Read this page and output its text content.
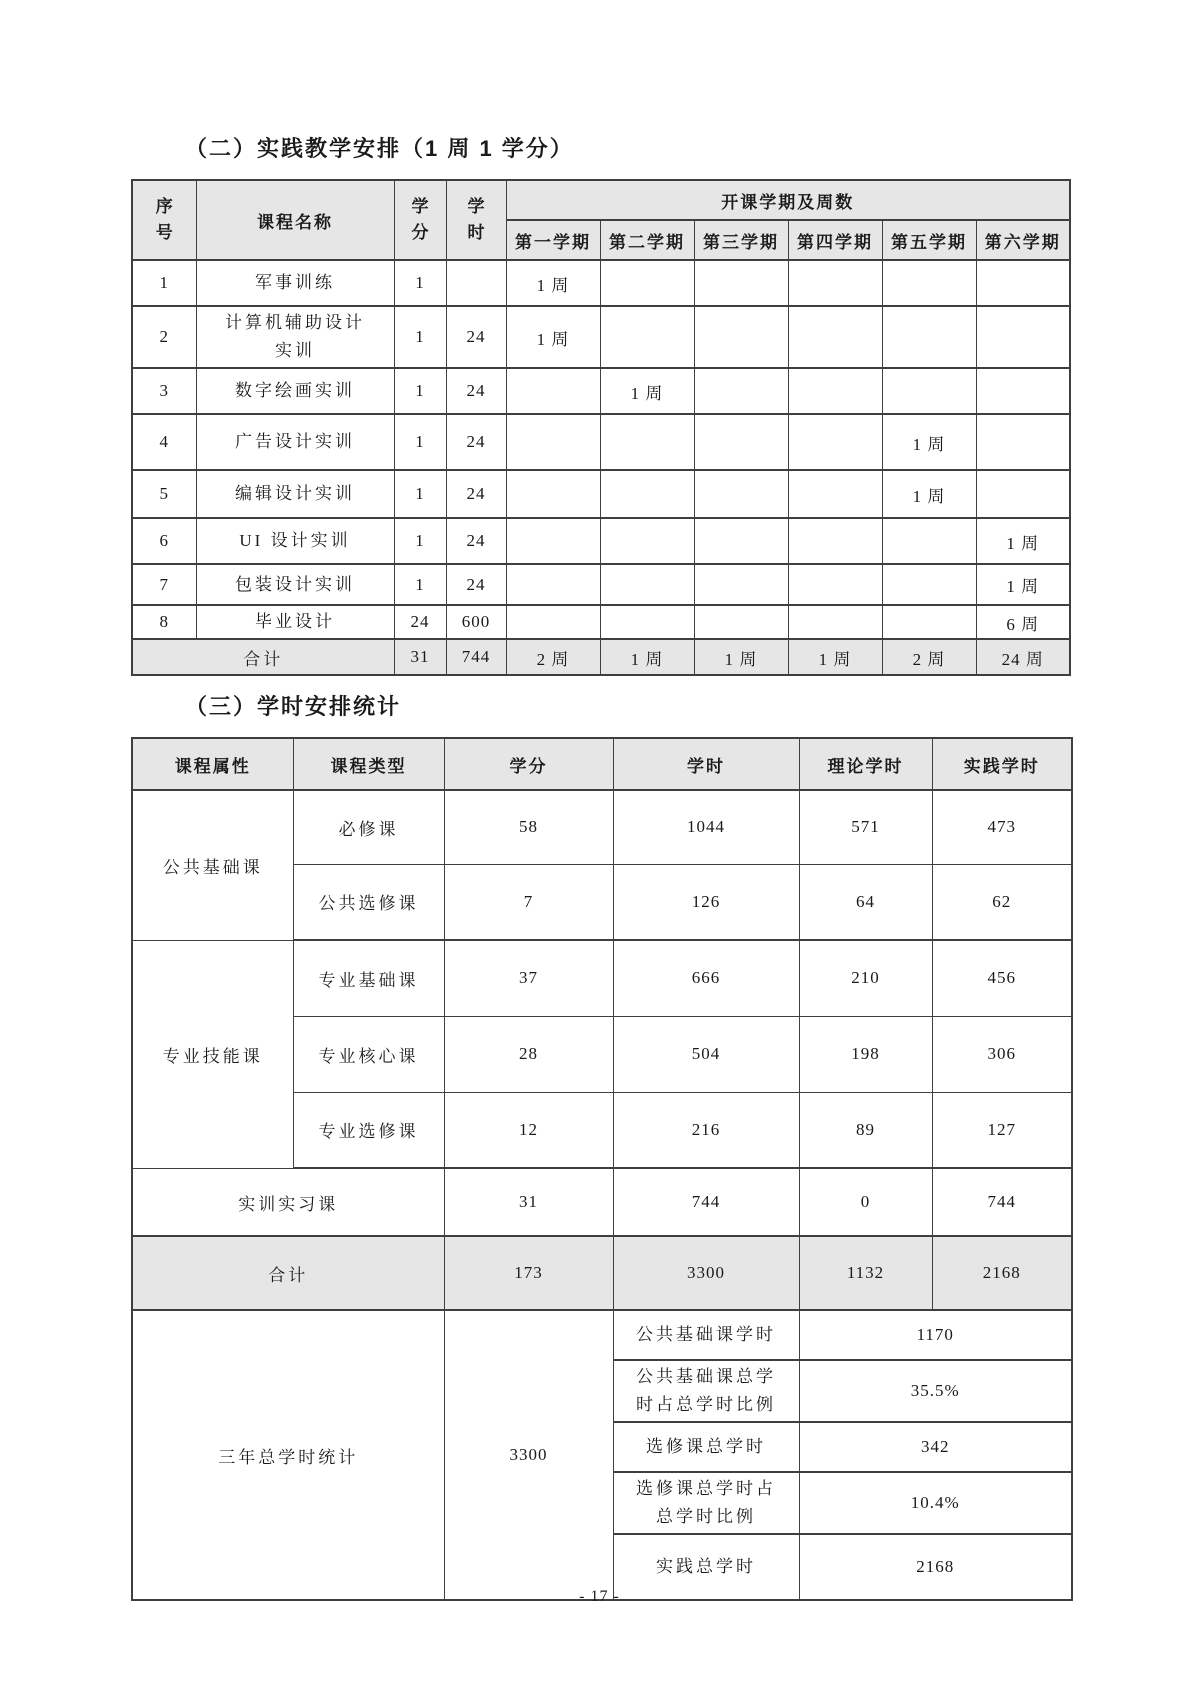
（二）实践教学安排（1 周 1 学分）
序号	课程名称	学分	学时	开课学期及周数					
				第一学期	第二学期	第三学期	第四学期	第五学期	第六学期
1	军事训练	1		1 周					
2	计算机辅助设计实训	1	24	1 周					
3	数字绘画实训	1	24		1 周				
4	广告设计实训	1	24					1 周	
5	编辑设计实训	1	24					1 周	
6	UI 设计实训	1	24						1 周
7	包装设计实训	1	24						1 周
8	毕业设计	24	600						6 周
合计		31	744	2 周	1 周	1 周	1 周	2 周	24 周
（三）学时安排统计
课程属性	课程类型	学分	学时	理论学时	实践学时
公共基础课	必修课	58	1044	571	473
	公共选修课	7	126	64	62
专业技能课	专业基础课	37	666	210	456
	专业核心课	28	504	198	306
	专业选修课	12	216	89	127
实训实习课		31	744	0	744
合计		173	3300	1132	2168
三年总学时统计		3300	公共基础课学时	1170	
			公共基础课总学时占总学时比例	35.5%	
			选修课总学时	342	
			选修课总学时占总学时比例	10.4%	
			实践总学时	2168	
- 17 -
